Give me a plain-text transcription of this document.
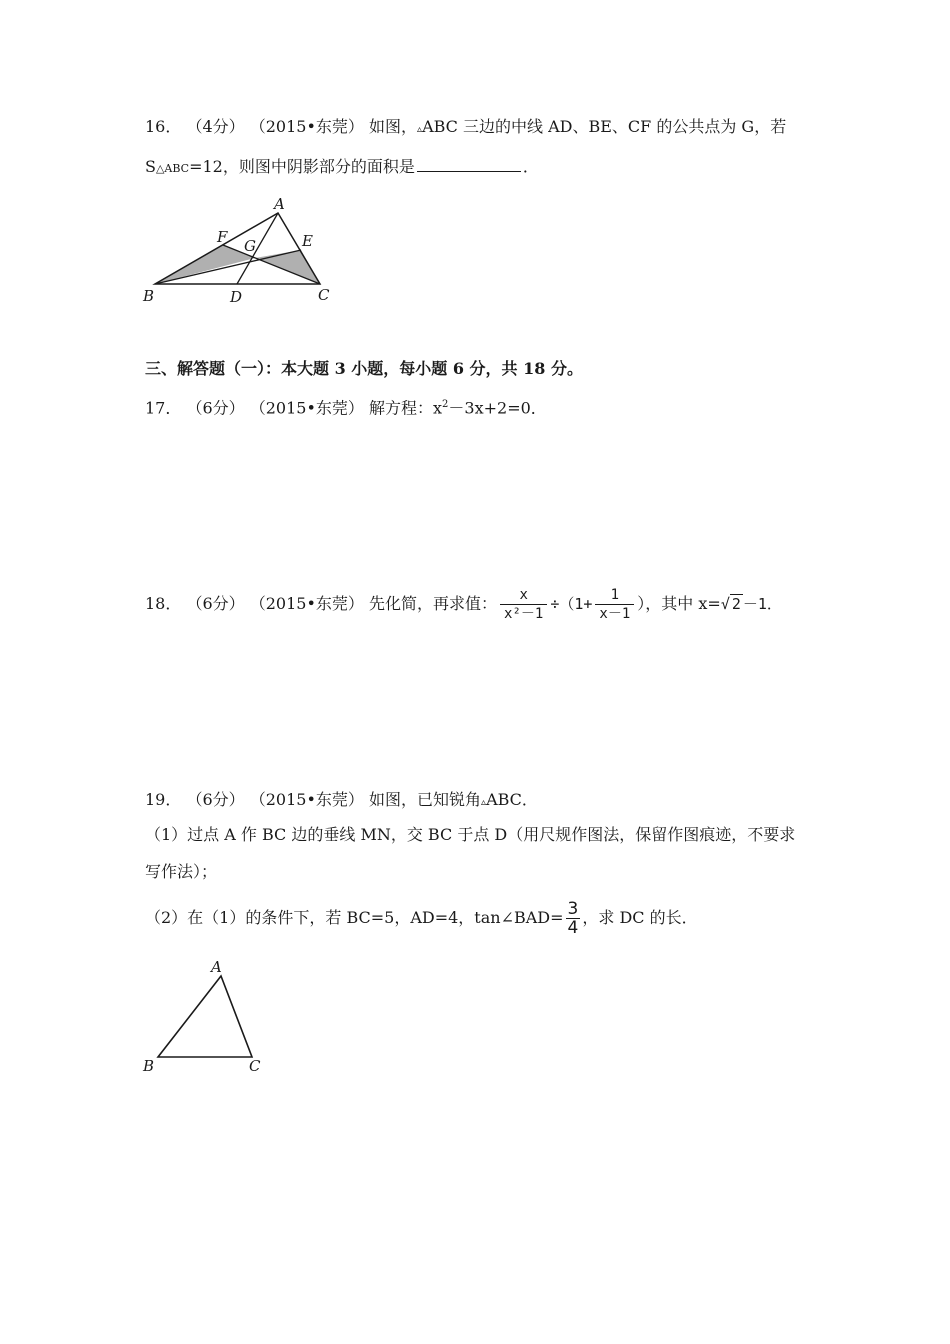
16． （4分） （2015•东莞） 如图，▵ABC 三边的中线 AD、BE、CF 的公共点为 G，若
S△ABC=12，则图中阴影部分的面积是	．
A
B	C
D
E
F G
三、解答题（一）：本大题 3 小题，每小题 6 分，共 18 分。
17． （6分） （2015•东莞） 解方程：$x^2-3x+2=0$．
18． （6分） （2015•东莞） 先化简，再求值： $\frac{x}{\text{x²－1}} \div(1+ \frac{1}{x-1}$ ），其中 x=√ 2 －1．
19． （6分） （2015•东莞） 如图，已知锐角▵ABC．
（1）过点 A 作 BC 边的垂线 MN，交 BC 于点 D（用尺规作图法，保留作图痕迹，不要求
写作法）；
（2）在（1）的条件下，若 BC=5，AD=4，tan∠BAD= $\frac{3}{4}$ ，求 DC 的长．
A
B	C
